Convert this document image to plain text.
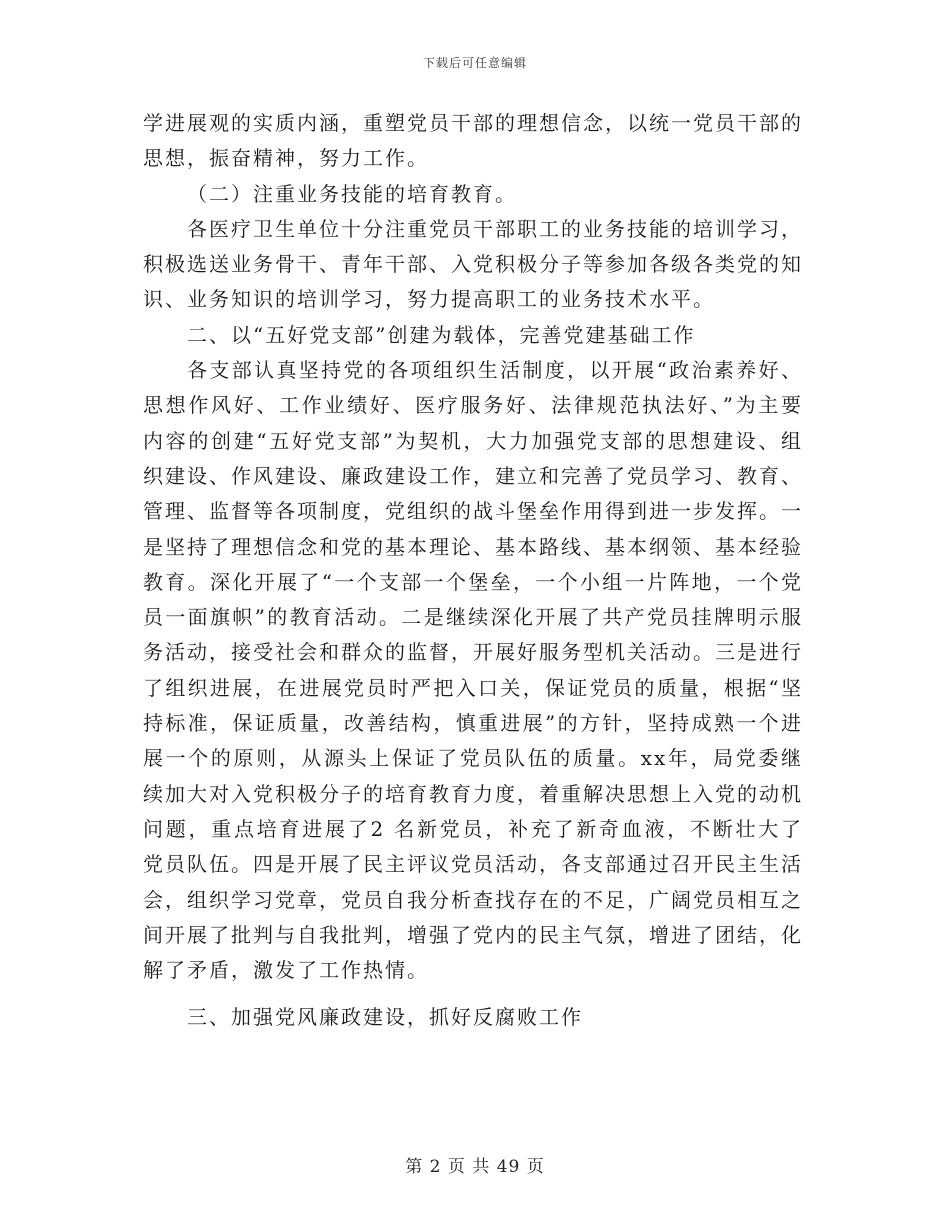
下载后可任意编辑

学进展观的实质内涵，重塑党员干部的理想信念，以统一党员干部的思想，振奋精神，努力工作。

（二）注重业务技能的培育教育。

各医疗卫生单位十分注重党员干部职工的业务技能的培训学习，积极选送业务骨干、青年干部、入党积极分子等参加各级各类党的知识、业务知识的培训学习，努力提高职工的业务技术水平。

二、以“五好党支部”创建为载体，完善党建基础工作

各支部认真坚持党的各项组织生活制度，以开展“政治素养好、思想作风好、工作业绩好、医疗服务好、法律规范执法好、”为主要内容的创建“五好党支部”为契机，大力加强党支部的思想建设、组织建设、作风建设、廉政建设工作，建立和完善了党员学习、教育、管理、监督等各项制度，党组织的战斗堡垒作用得到进一步发挥。一是坚持了理想信念和党的基本理论、基本路线、基本纲领、基本经验教育。深化开展了“一个支部一个堡垒，一个小组一片阵地，一个党员一面旗帜”的教育活动。二是继续深化开展了共产党员挂牌明示服务活动，接受社会和群众的监督，开展好服务型机关活动。三是进行了组织进展，在进展党员时严把入口关，保证党员的质量，根据“坚持标准，保证质量，改善结构，慎重进展”的方针，坚持成熟一个进展一个的原则，从源头上保证了党员队伍的质量。xx年，局党委继续加大对入党积极分子的培育教育力度，着重解决思想上入党的动机问题，重点培育进展了2 名新党员，补充了新奇血液，不断壮大了党员队伍。四是开展了民主评议党员活动，各支部通过召开民主生活会，组织学习党章，党员自我分析查找存在的不足，广阔党员相互之间开展了批判与自我批判，增强了党内的民主气氛，增进了团结，化解了矛盾，激发了工作热情。

三、加强党风廉政建设，抓好反腐败工作

第 2 页 共 49 页
